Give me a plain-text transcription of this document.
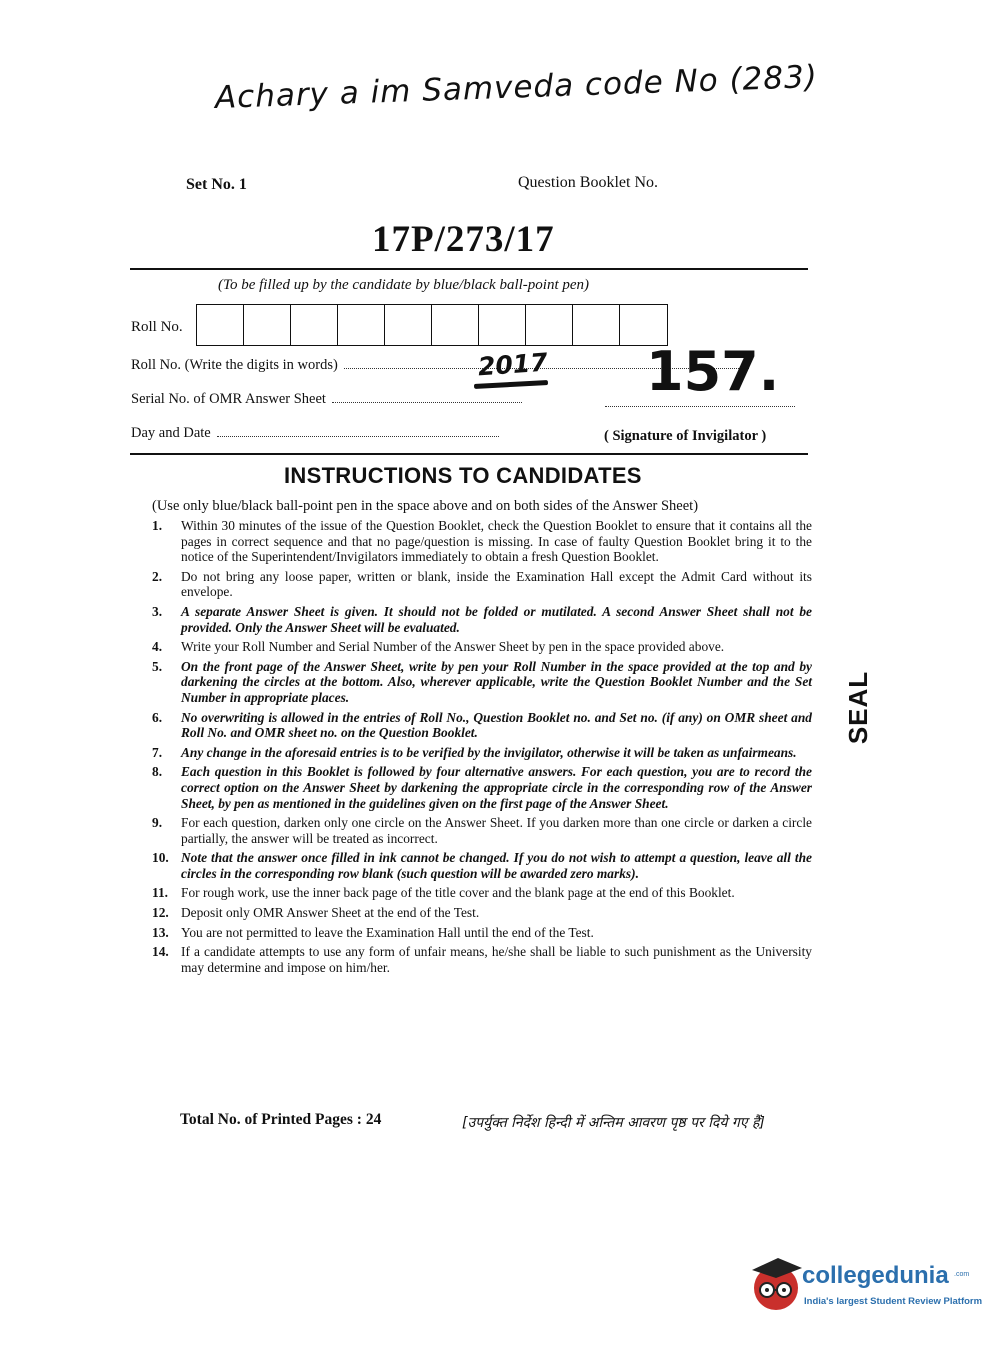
Achary a im Samveda code No (283)
Set No. 1	Question Booklet No.
17P/273/17
(To be filled up by the candidate by blue/black ball-point pen)
Roll No.
Roll No. (Write the digits in words)	2017 157.
Serial No. of OMR Answer Sheet
Day and Date	( Signature of Invigilator )
INSTRUCTIONS TO CANDIDATES
(Use only blue/black ball-point pen in the space above and on both sides of the Answer Sheet)
1.	Within 30 minutes of the issue of the Question Booklet, check the Question Booklet to ensure that it contains all the pages in correct sequence and that no page/question is missing. In case of faulty Question Booklet bring it to the notice of the Superintendent/Invigilators immediately to obtain a fresh Question Booklet.
2.	Do not bring any loose paper, written or blank, inside the Examination Hall except the Admit Card without its envelope.
3.	A separate Answer Sheet is given. It should not be folded or mutilated. A second Answer Sheet shall not be provided. Only the Answer Sheet will be evaluated.
4.	Write your Roll Number and Serial Number of the Answer Sheet by pen in the space provided above.
5.	On the front page of the Answer Sheet, write by pen your Roll Number in the space provided at the top and by darkening the circles at the bottom. Also, wherever applicable, write the Question Booklet Number and the Set Number in appropriate places.
6.	No overwriting is allowed in the entries of Roll No., Question Booklet no. and Set no. (if any) on OMR sheet and Roll No. and OMR sheet no. on the Question Booklet.
7.	Any change in the aforesaid entries is to be verified by the invigilator, otherwise it will be taken as unfairmeans.
8.	Each question in this Booklet is followed by four alternative answers. For each question, you are to record the correct option on the Answer Sheet by darkening the appropriate circle in the corresponding row of the Answer Sheet, by pen as mentioned in the guidelines given on the first page of the Answer Sheet.
9.	For each question, darken only one circle on the Answer Sheet. If you darken more than one circle or darken a circle partially, the answer will be treated as incorrect.
10. Note that the answer once filled in ink cannot be changed. If you do not wish to attempt a question, leave all the circles in the corresponding row blank (such question will be awarded zero marks).
11. For rough work, use the inner back page of the title cover and the blank page at the end of this Booklet.
12. Deposit only OMR Answer Sheet at the end of the Test.
13. You are not permitted to leave the Examination Hall until the end of the Test.
14. If a candidate attempts to use any form of unfair means, he/she shall be liable to such punishment as the University may determine and impose on him/her.
Total No. of Printed Pages : 24	[उपर्युक्त निर्देश हिन्दी में अन्तिम आवरण पृष्ठ पर दिये गए हैं]
SEAL
collegedunia .com
India's largest Student Review Platform
